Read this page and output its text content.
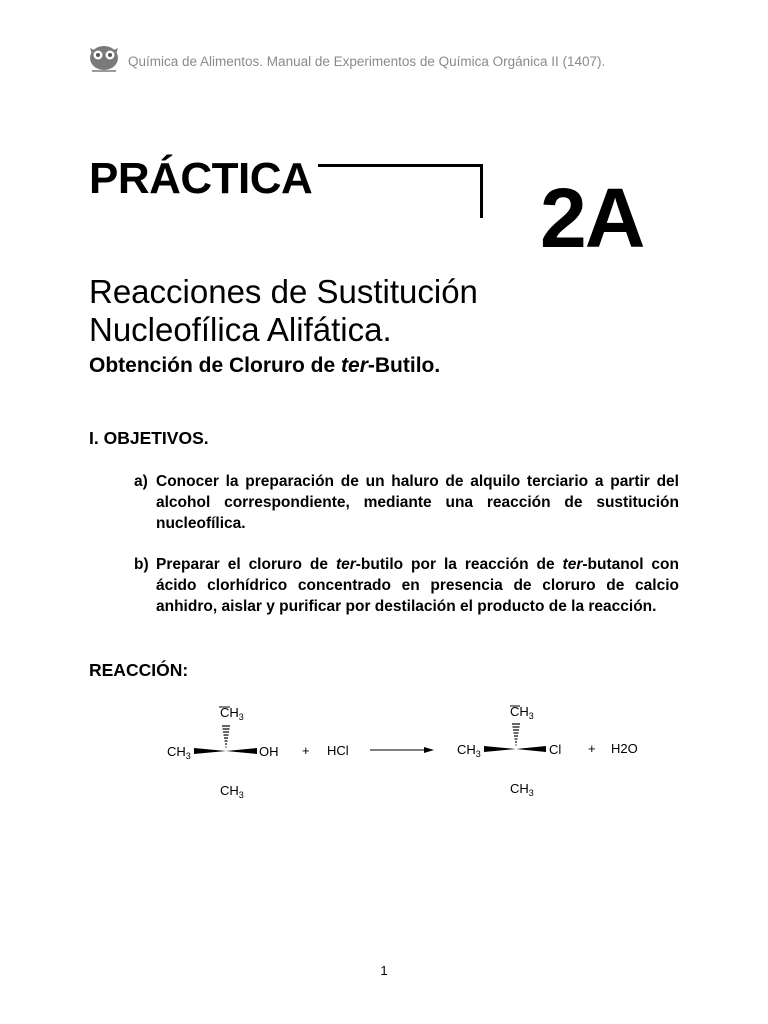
Química de Alimentos. Manual de Experimentos de Química Orgánica II (1407).
PRÁCTICA	2A
Reacciones de Sustitución
Nucleofílica Alifática.
Obtención de Cloruro de ter-Butilo.
I. OBJETIVOS.
a) Conocer la preparación de un haluro de alquilo terciario a partir del alcohol correspondiente, mediante una reacción de sustitución nucleofílica.
b) Preparar el cloruro de ter-butilo por la reacción de ter-butanol con ácido clorhídrico concentrado en presencia de cloruro de calcio anhidro, aislar y purificar por destilación el producto de la reacción.
REACCIÓN:
$CH_3$
$CH_3$	OH
$CH_3$
+ HCl
$CH_3$
$CH_3$	Cl
$CH_3$
+ H2O
1
